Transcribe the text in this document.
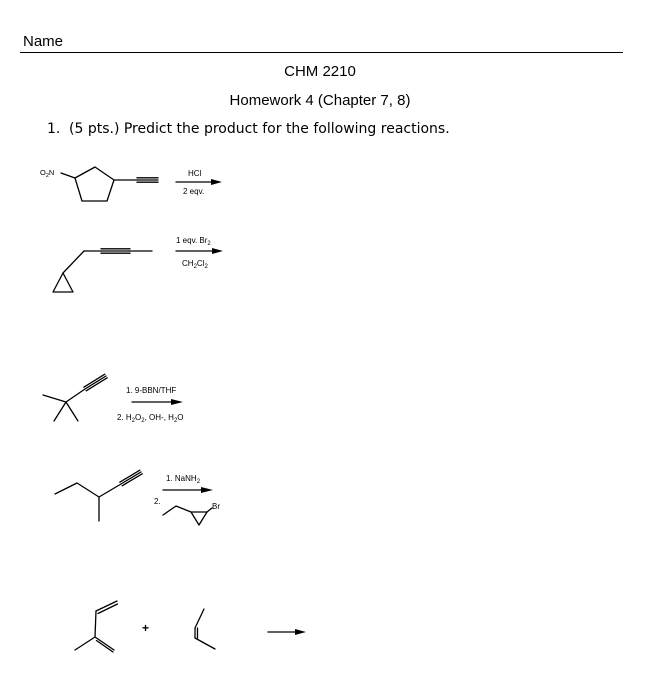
Name
CHM 2210
Homework 4 (Chapter 7, 8)
1. (5 pts.) Predict the product for the following reactions.
$O_2N$	HCl
2 eqv.
1 eqv. $Br_2$
$CH_2Cl_2$
1. 9-BBN/THF
2. $H_2O_2$, OH-, $H_2O$
1. NaNH$_2$
2.
Br
+
